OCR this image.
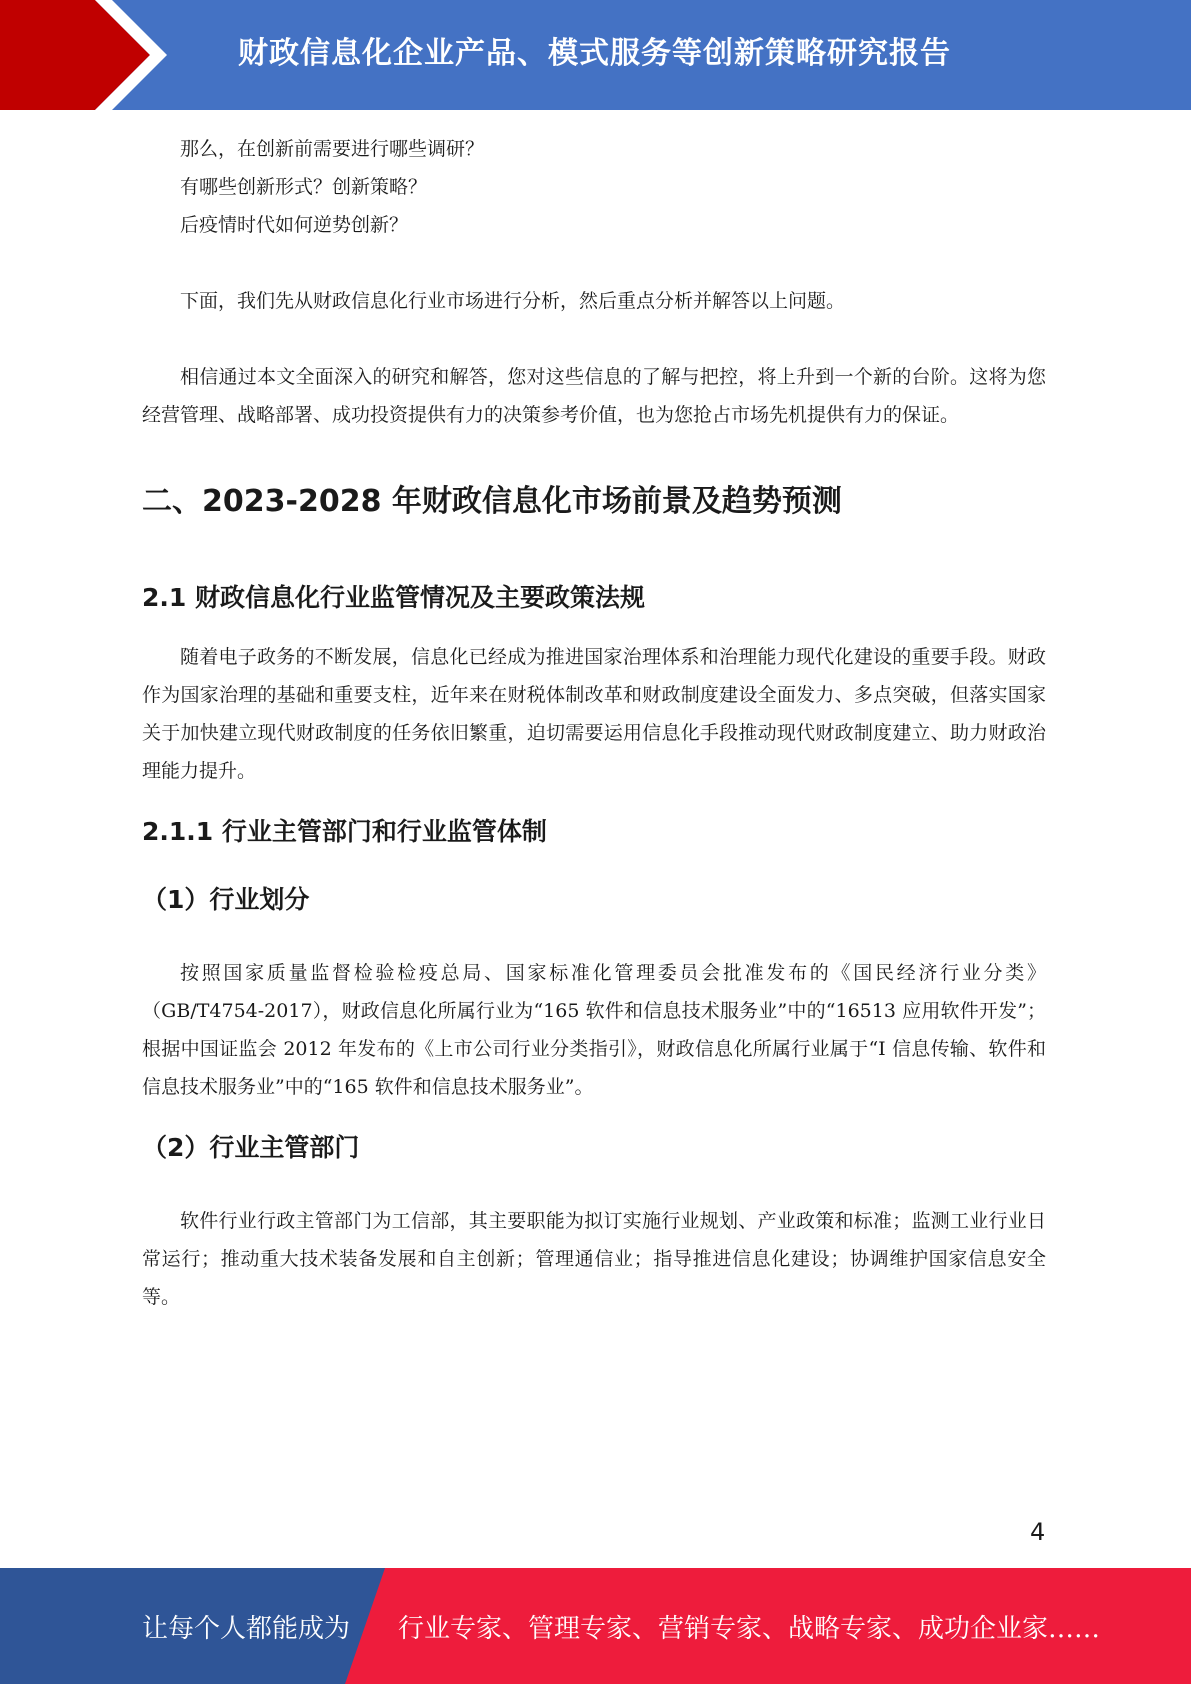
财政信息化企业产品、模式服务等创新策略研究报告

那么，在创新前需要进行哪些调研？

有哪些创新形式？创新策略？

后疫情时代如何逆势创新？

下面，我们先从财政信息化行业市场进行分析，然后重点分析并解答以上问题。

相信通过本文全面深入的研究和解答，您对这些信息的了解与把控，将上升到一个新的台阶。这将为您经营管理、战略部署、成功投资提供有力的决策参考价值，也为您抢占市场先机提供有力的保证。

二、2023-2028 年财政信息化市场前景及趋势预测
2.1 财政信息化行业监管情况及主要政策法规

随着电子政务的不断发展，信息化已经成为推进国家治理体系和治理能力现代化建设的重要手段。财政作为国家治理的基础和重要支柱，近年来在财税体制改革和财政制度建设全面发力、多点突破，但落实国家关于加快建立现代财政制度的任务依旧繁重，迫切需要运用信息化手段推动现代财政制度建立、助力财政治理能力提升。

2.1.1 行业主管部门和行业监管体制
（1）行业划分

按照国家质量监督检验检疫总局、国家标准化管理委员会批准发布的《国民经济行业分类》（GB/T4754-2017），财政信息化所属行业为“165 软件和信息技术服务业”中的“16513 应用软件开发”；根据中国证监会 2012 年发布的《上市公司行业分类指引》，财政信息化所属行业属于“I 信息传输、软件和信息技术服务业”中的“165 软件和信息技术服务业”。

（2）行业主管部门

软件行业行政主管部门为工信部，其主要职能为拟订实施行业规划、产业政策和标准；监测工业行业日常运行；推动重大技术装备发展和自主创新；管理通信业；指导推进信息化建设；协调维护国家信息安全等。

4
让每个人都能成为 行业专家、管理专家、营销专家、战略专家、成功企业家……
